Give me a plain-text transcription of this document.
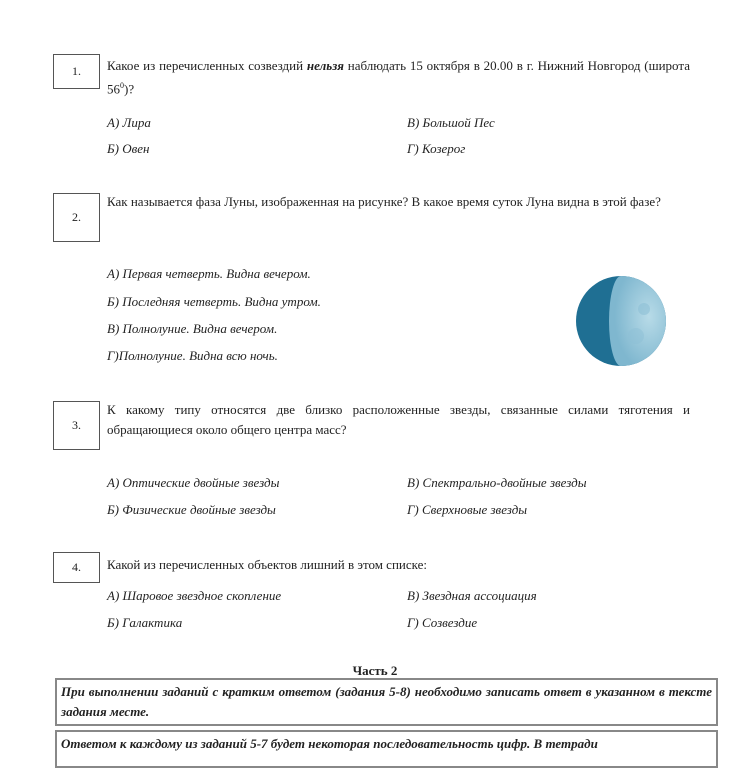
1.	Какое из перечисленных созвездий нельзя наблюдать 15 октября в 20.00 в г. Нижний Новгород (широта $56^0$)?
А) Лира	В) Большой Пес
Б) Овен	Г) Козерог
2.
Как называется фаза Луны, изображенная на рисунке? В какое время суток Луна видна в этой фазе?
А) Первая четверть. Видна вечером.
Б) Последняя четверть. Видна утром.
В) Полнолуние. Видна вечером.
Г)Полнолуние. Видна всю ночь.
3.
К какому типу относятся две близко расположенные звезды, связанные силами тяготения и обращающиеся около общего центра масс?
А) Оптические двойные звезды	В) Спектрально-двойные звезды
Б) Физические двойные звезды	Г) Сверхновые звезды
4.	Какой из перечисленных объектов лишний в этом списке:
А) Шаровое звездное скопление	В) Звездная ассоциация
Б) Галактика	Г) Созвездие
Часть 2
При выполнении заданий с кратким ответом (задания 5-8) необходимо записать ответ в указанном в тексте задания месте.
Ответом к каждому из заданий 5-7 будет некоторая последовательность цифр. В тетради
